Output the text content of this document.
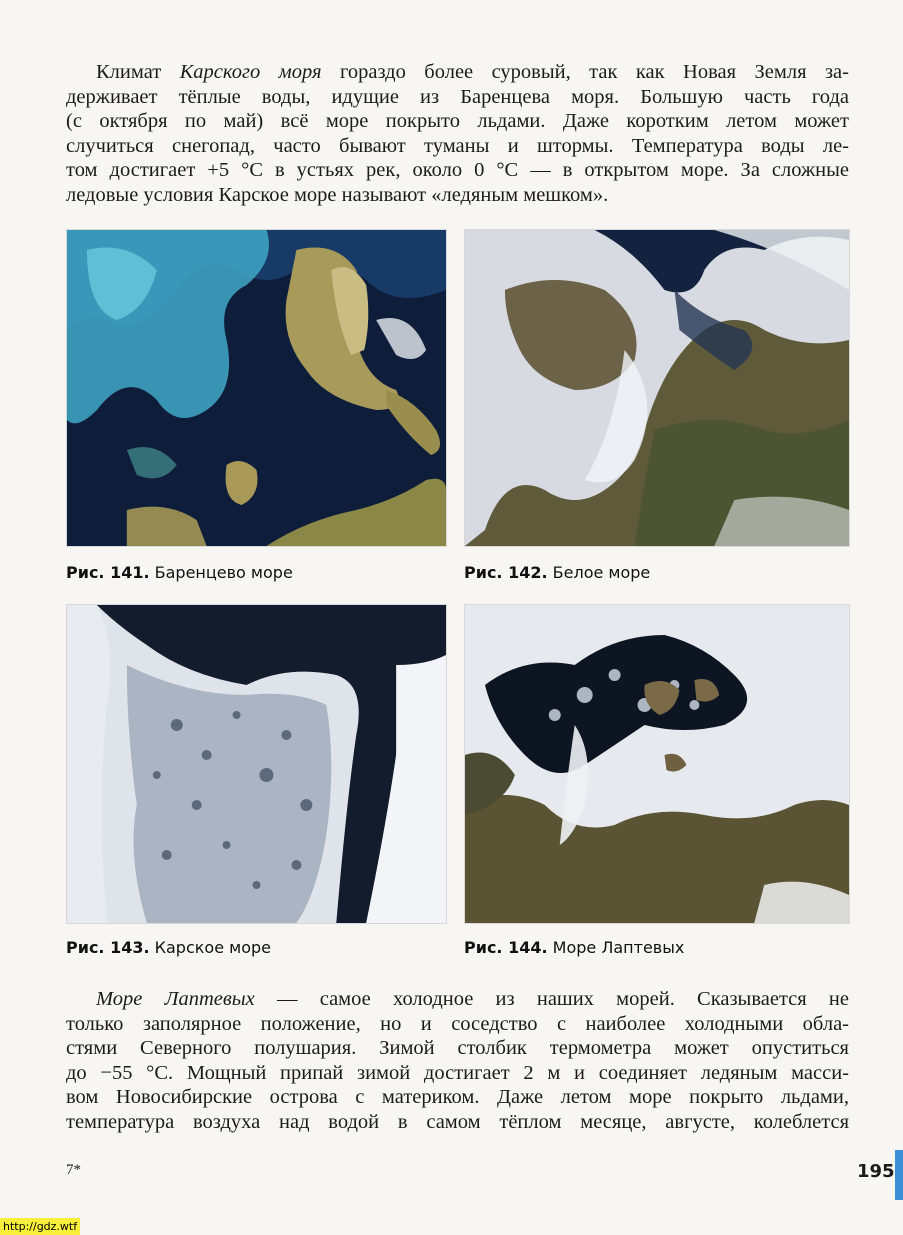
Климат Карского моря гораздо более суровый, так как Новая Земля за-
держивает тёплые воды, идущие из Баренцева моря. Большую часть года
(с октября по май) всё море покрыто льдами. Даже коротким летом может
случиться снегопад, часто бывают туманы и штормы. Температура воды ле-
том достигает +5 °C в устьях рек, около 0 °C — в открытом море. За сложные
ледовые условия Карское море называют «ледяным мешком».
Рис. 141. Баренцево море	Рис. 142. Белое море
Рис. 143. Карское море	Рис. 144. Море Лаптевых
Море Лаптевых — самое холодное из наших морей. Сказывается не
только заполярное положение, но и соседство с наиболее холодными обла-
стями Северного полушария. Зимой столбик термометра может опуститься
до −55 °C. Мощный припай зимой достигает 2 м и соединяет ледяным масси-
вом Новосибирские острова с материком. Даже летом море покрыто льдами,
температура воздуха над водой в самом тёплом месяце, августе, колеблется
7*	195
http://gdz.wtf
